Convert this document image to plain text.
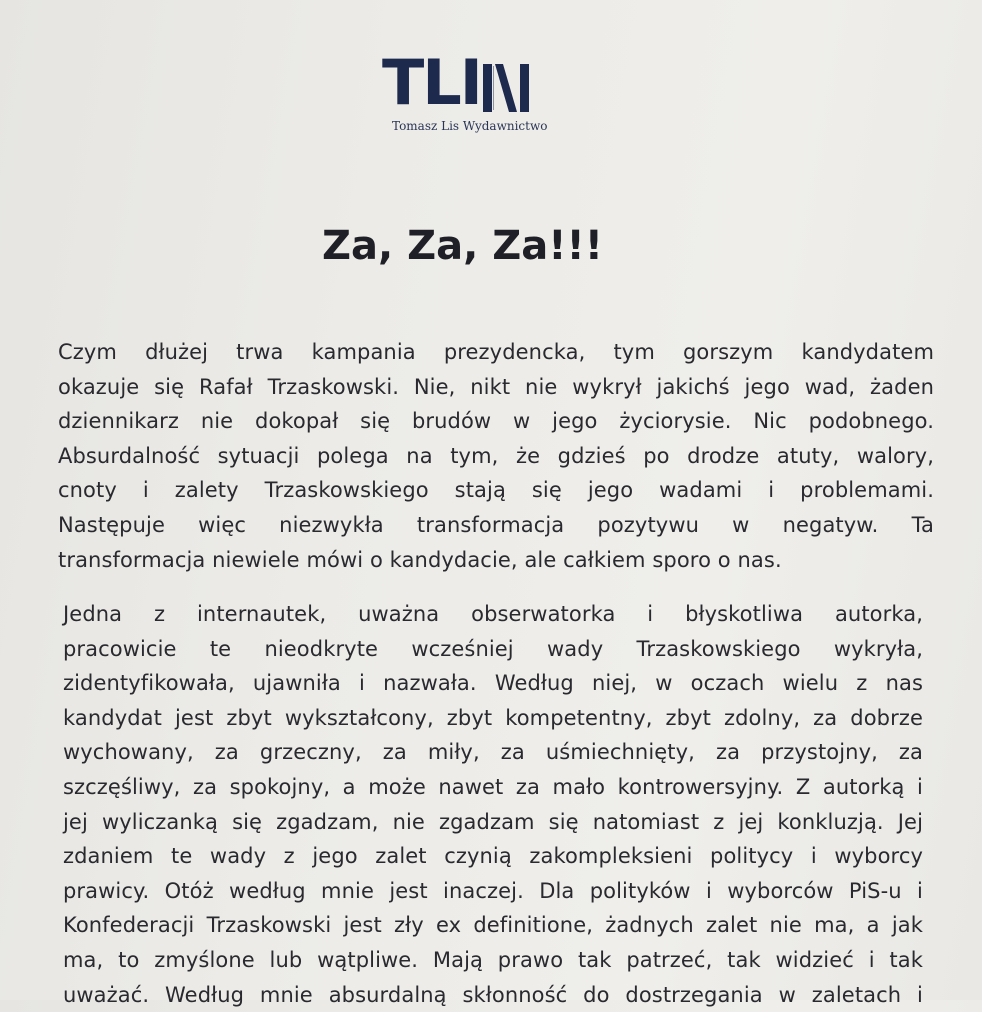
TLI
Tomasz Lis Wydawnictwo
Za, Za, Za!!!

Czym dłużej trwa kampania prezydencka, tym gorszym kandydatem
okazuje się Rafał Trzaskowski. Nie, nikt nie wykrył jakichś jego wad, żaden
dziennikarz nie dokopał się brudów w jego życiorysie. Nic podobnego.
Absurdalność sytuacji polega na tym, że gdzieś po drodze atuty, walory,
cnoty i zalety Trzaskowskiego stają się jego wadami i problemami.
Następuje więc niezwykła transformacja pozytywu w negatyw. Ta
transformacja niewiele mówi o kandydacie, ale całkiem sporo o nas.

Jedna z internautek, uważna obserwatorka i błyskotliwa autorka,
pracowicie te nieodkryte wcześniej wady Trzaskowskiego wykryła,
zidentyfikowała, ujawniła i nazwała. Według niej, w oczach wielu z nas
kandydat jest zbyt wykształcony, zbyt kompetentny, zbyt zdolny, za dobrze
wychowany, za grzeczny, za miły, za uśmiechnięty, za przystojny, za
szczęśliwy, za spokojny, a może nawet za mało kontrowersyjny. Z autorką i
jej wyliczanką się zgadzam, nie zgadzam się natomiast z jej konkluzją. Jej
zdaniem te wady z jego zalet czynią zakompleksieni politycy i wyborcy
prawicy. Otóż według mnie jest inaczej. Dla polityków i wyborców PiS-u i
Konfederacji Trzaskowski jest zły ex definitione, żadnych zalet nie ma, a jak
ma, to zmyślone lub wątpliwe. Mają prawo tak patrzeć, tak widzieć i tak
uważać. Według mnie absurdalną skłonność do dostrzegania w zaletach i
